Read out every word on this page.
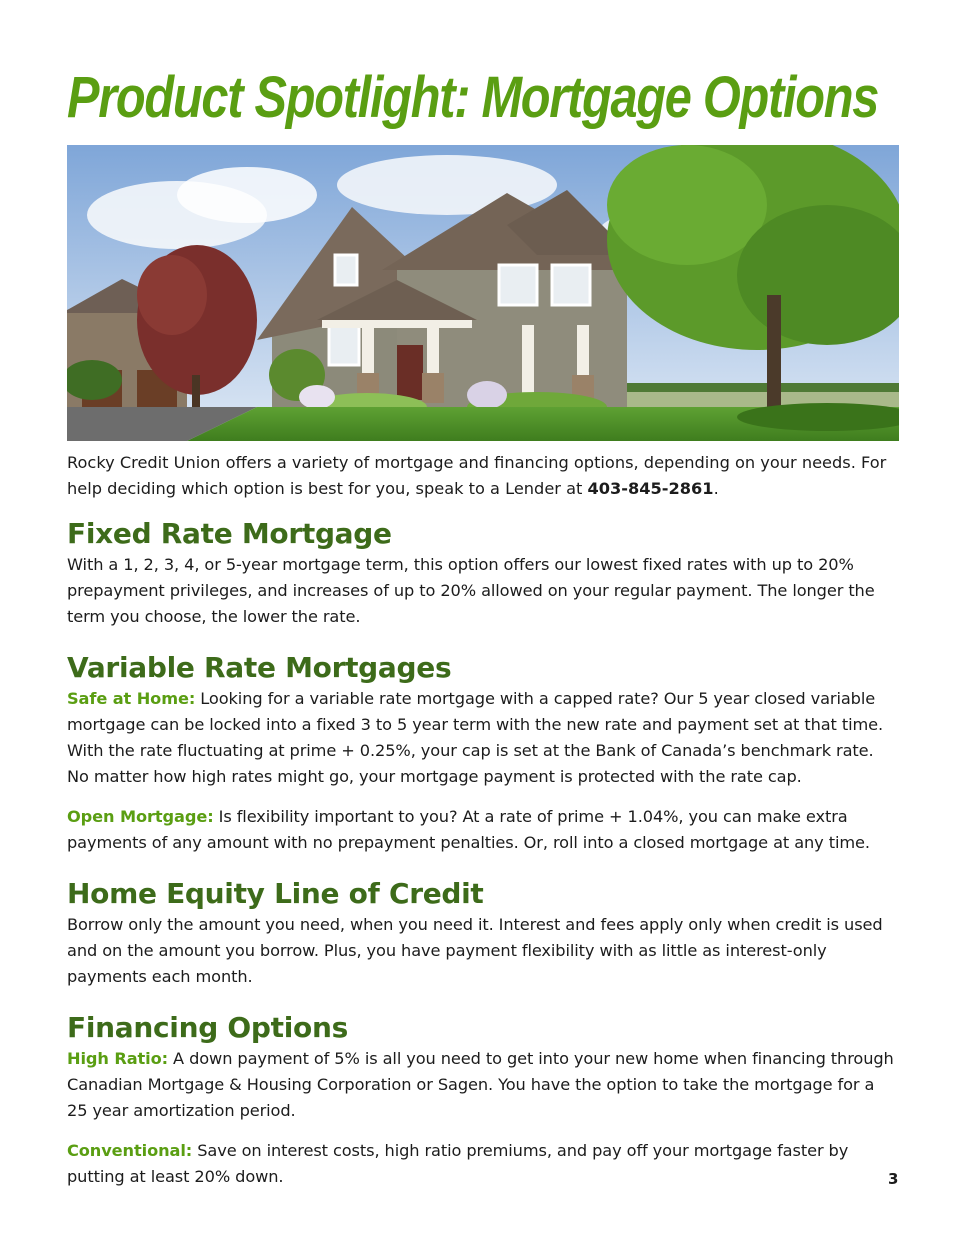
Product Spotlight: Mortgage Options

Rocky Credit Union offers a variety of mortgage and financing options, depending on your needs. For help deciding which option is best for you, speak to a Lender at 403-845-2861.

Fixed Rate Mortgage

With a 1, 2, 3, 4, or 5-year mortgage term, this option offers our lowest fixed rates with up to 20% prepayment privileges, and increases of up to 20% allowed on your regular payment. The longer the term you choose, the lower the rate.

Variable Rate Mortgages

Safe at Home: Looking for a variable rate mortgage with a capped rate? Our 5 year closed variable mortgage can be locked into a fixed 3 to 5 year term with the new rate and payment set at that time. With the rate fluctuating at prime + 0.25%, your cap is set at the Bank of Canada’s benchmark rate. No matter how high rates might go, your mortgage payment is protected with the rate cap.

Open Mortgage: Is flexibility important to you? At a rate of prime + 1.04%, you can make extra payments of any amount with no prepayment penalties. Or, roll into a closed mortgage at any time.

Home Equity Line of Credit

Borrow only the amount you need, when you need it. Interest and fees apply only when credit is used and on the amount you borrow. Plus, you have payment flexibility with as little as interest-only payments each month.

Financing Options

High Ratio: A down payment of 5% is all you need to get into your new home when financing through Canadian Mortgage & Housing Corporation or Sagen. You have the option to take the mortgage for a 25 year amortization period.

Conventional: Save on interest costs, high ratio premiums, and pay off your mortgage faster by putting at least 20% down.	3
